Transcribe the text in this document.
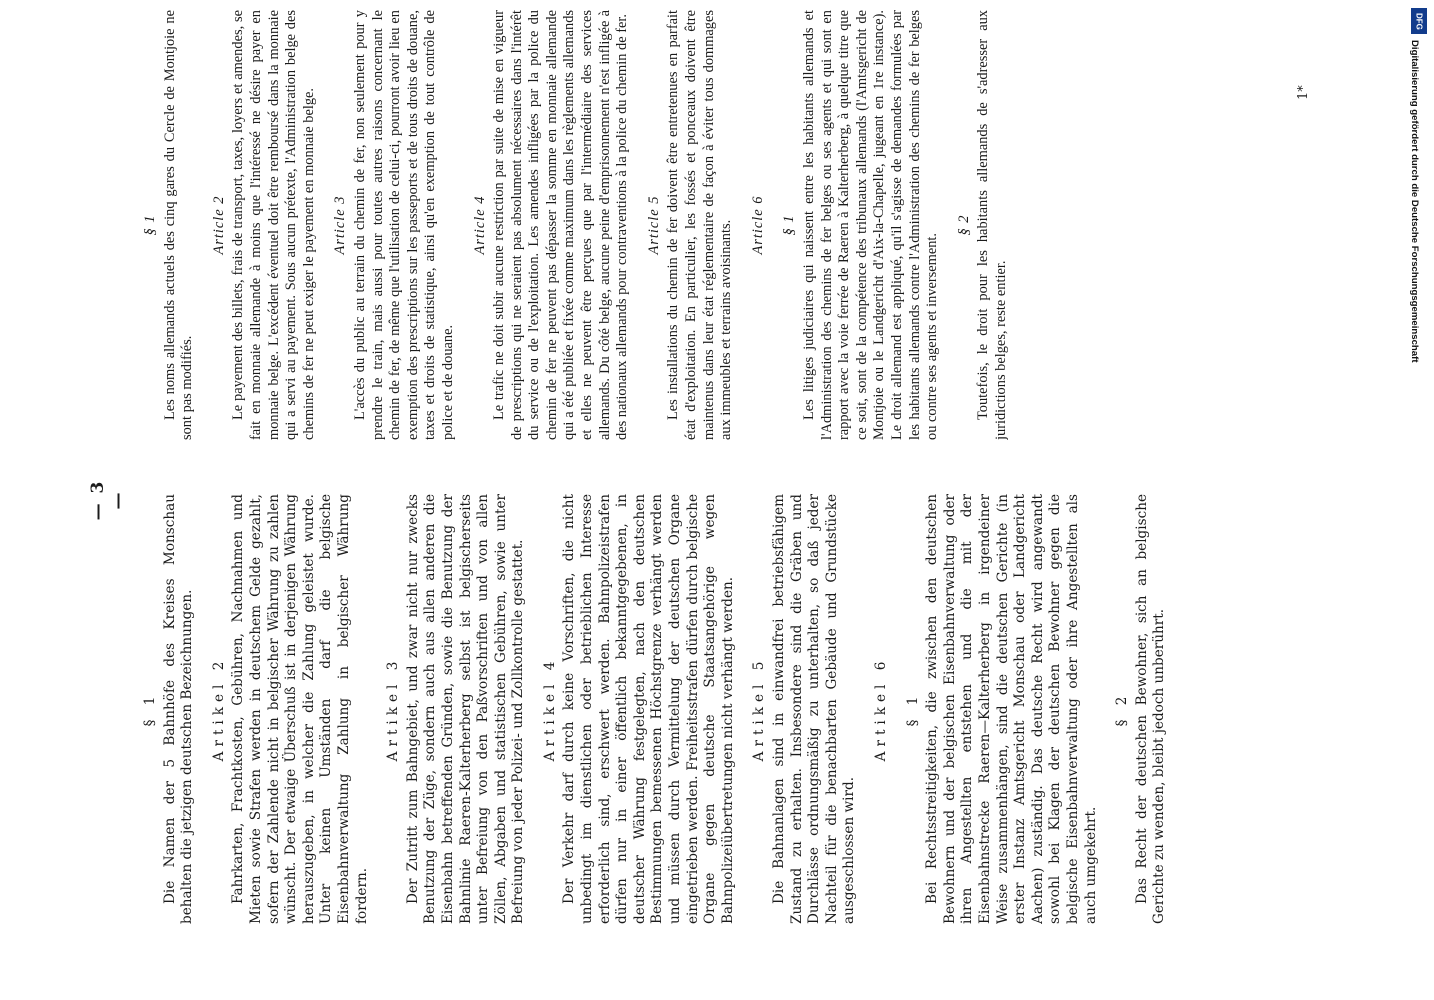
— 3 —
§ 1 Die Namen der 5 Bahnhöfe des Kreises Monschau behalten die jetzigen deutschen Bezeichnungen. Artikel 2 Fahrkarten, Frachtkosten, Gebühren, Nachnahmen und Mieten sowie Strafen werden in deutschem Gelde gezahlt, sofern der Zahlende nicht in belgischer Währung zu zahlen wünscht. Der etwaige Überschuß ist in derjenigen Währung herauszugeben, in welcher die Zahlung geleistet wurde. Unter keinen Umständen darf die belgische Eisenbahnverwaltung Zahlung in belgischer Währung fordern.

Artikel 3 Der Zutritt zum Bahngebiet, und zwar nicht nur zwecks Benutzung der Züge, sondern auch aus allen anderen die Eisenbahn betreffenden Gründen, sowie die Benutzung der Bahnlinie Raeren-Kalterherberg selbst ist belgischerseits unter Befreiung von den Paßvorschriften und von allen Zöllen, Abgaben und statistischen Gebühren, sowie unter Befreiung von jeder Polizei- und Zollkontrolle gestattet. Artikel 4 Der Verkehr darf durch keine Vorschriften, die nicht unbedingt im dienstlichen oder betrieblichen Interesse erforderlich sind, erschwert werden. Bahnpolizeistrafen dürfen nur in einer öffentlich bekanntgegebenen, in deutscher Währung festgelegten, nach den deutschen Bestimmungen bemessenen Höchstgrenze verhängt werden und müssen durch Vermittelung der deutschen Organe eingetrieben werden. Freiheitsstrafen dürfen durch belgische Organe gegen deutsche Staatsangehörige wegen Bahnpolizeiübertretungen nicht verhängt werden. Artikel 5 Die Bahnanlagen sind in einwandfrei betriebsfähigem Zustand zu erhalten. Insbesondere sind die Gräben und Durchlässe ordnungsmäßig zu unterhalten, so daß jeder Nachteil für die benachbarten Gebäude und Grundstücke ausgeschlossen wird.

Artikel 6 § 1 Bei Rechtsstreitigkeiten, die zwischen den deutschen Bewohnern und der belgischen Eisenbahnverwaltung oder ihren Angestellten entstehen und die mit der Eisenbahnstrecke Raeren—Kalterherberg in irgendeiner Weise zusammenhängen, sind die deutschen Gerichte (in erster Instanz Amtsgericht Monschau oder Landgericht Aachen) zuständig. Das deutsche Recht wird angewandt sowohl bei Klagen der deutschen Bewohner gegen die belgische Eisenbahnverwaltung oder ihre Angestellten als auch umgekehrt.

§ 2 Das Recht der deutschen Bewohner, sich an belgische Gerichte zu wenden, bleibt jedoch unberührt.

§ 1 Les noms allemands actuels des cinq gares du Cercle de Montjoie ne sont pas modifiés.

Article 2 Le payement des billets, frais de transport, taxes, loyers et amendes, se fait en monnaie allemande à moins que l'intéressé ne désire payer en monnaie belge. L'excédent éventuel doit être remboursé dans la monnaie qui a servi au payement. Sous aucun prétexte, l'Administration belge des chemins de fer ne peut exiger le payement en monnaie belge. Article 3 L'accès du public au terrain du chemin de fer, non seulement pour y prendre le train, mais aussi pour toutes autres raisons concernant le chemin de fer, de même que l'utilisation de celui-ci, pourront avoir lieu en exemption des prescriptions sur les passeports et de tous droits de douane, taxes et droits de statistique, ainsi qu'en exemption de tout contrôle de police et de douane.

Article 4 Le trafic ne doit subir aucune restriction par suite de mise en vigueur de prescriptions qui ne seraient pas absolument nécessaires dans l'intérêt du service ou de l'exploitation. Les amendes infligées par la police du chemin de fer ne peuvent pas dépasser la somme en monnaie allemande qui a été publiée et fixée comme maximum dans les règlements allemands et elles ne peuvent être perçues que par l'intermédiaire des services allemands. Du côté belge, aucune peine d'emprisonnement n'est infligée à des nationaux allemands pour contraventions à la police du chemin de fer. Article 5 Les installations du chemin de fer doivent être entretenues en parfait état d'exploitation. En particulier, les fossés et ponceaux doivent être maintenus dans leur état réglementaire de façon à éviter tous dommages aux immeubles et terrains avoisinants. Article 6 § 1 Les litiges judiciaires qui naissent entre les habitants allemands et l'Administration des chemins de fer belges ou ses agents et qui sont en rapport avec la voie ferrée de Raeren à Kalterherberg, à quelque titre que ce soit, sont de la compétence des tribunaux allemands (l'Amtsgericht de Montjoie ou le Landgericht d'Aix-la-Chapelle, jugeant en 1re instance). Le droit allemand est appliqué, qu'il s'agisse de demandes formulées par les habitants allemands contre l'Administration des chemins de fer belges ou contre ses agents et inversement.

§ 2 Toutefois, le droit pour les habitants allemands de s'adresser aux juridictions belges, reste entier.

1*
DFG
Digitalisierung gefördert durch die Deutsche Forschungsgemeinschaft
